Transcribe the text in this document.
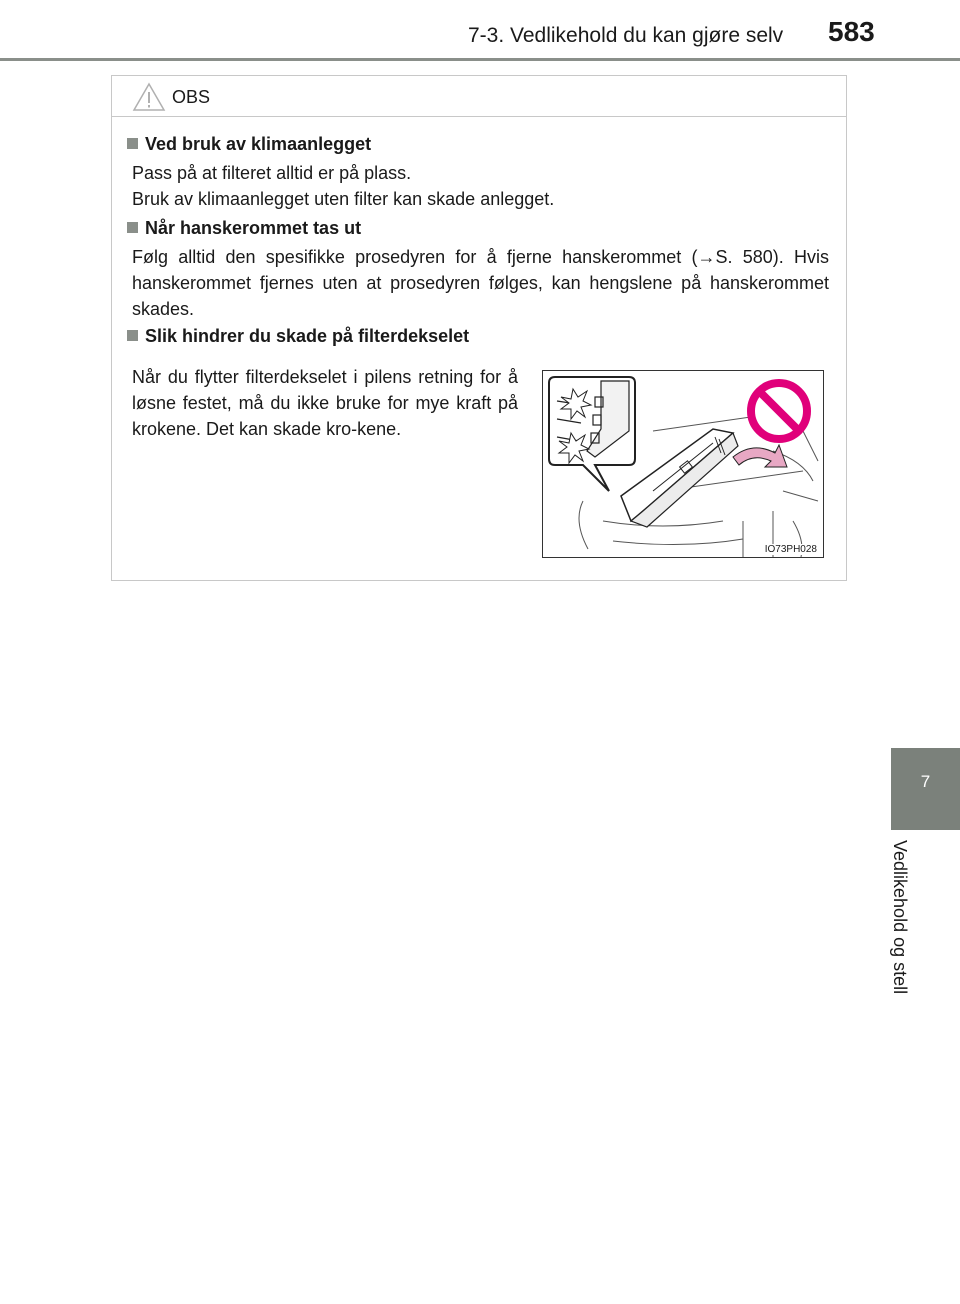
7-3. Vedlikehold du kan gjøre selv 583
7
Vedlikehold og stell
OBS
Ved bruk av klimaanlegget
Pass på at filteret alltid er på plass.
Bruk av klimaanlegget uten filter kan skade anlegget.
Når hanskerommet tas ut
Følg alltid den spesifikke prosedyren for å fjerne hanskerommet (→S. 580). Hvis hanskerommet fjernes uten at prosedyren følges, kan hengslene på hanskerommet skades.
Slik hindrer du skade på filterdekselet
Når du flytter filterdekselet i pilens retning for å løsne festet, må du ikke bruke for mye kraft på krokene. Det kan skade kro-kene.
IO73PH028
